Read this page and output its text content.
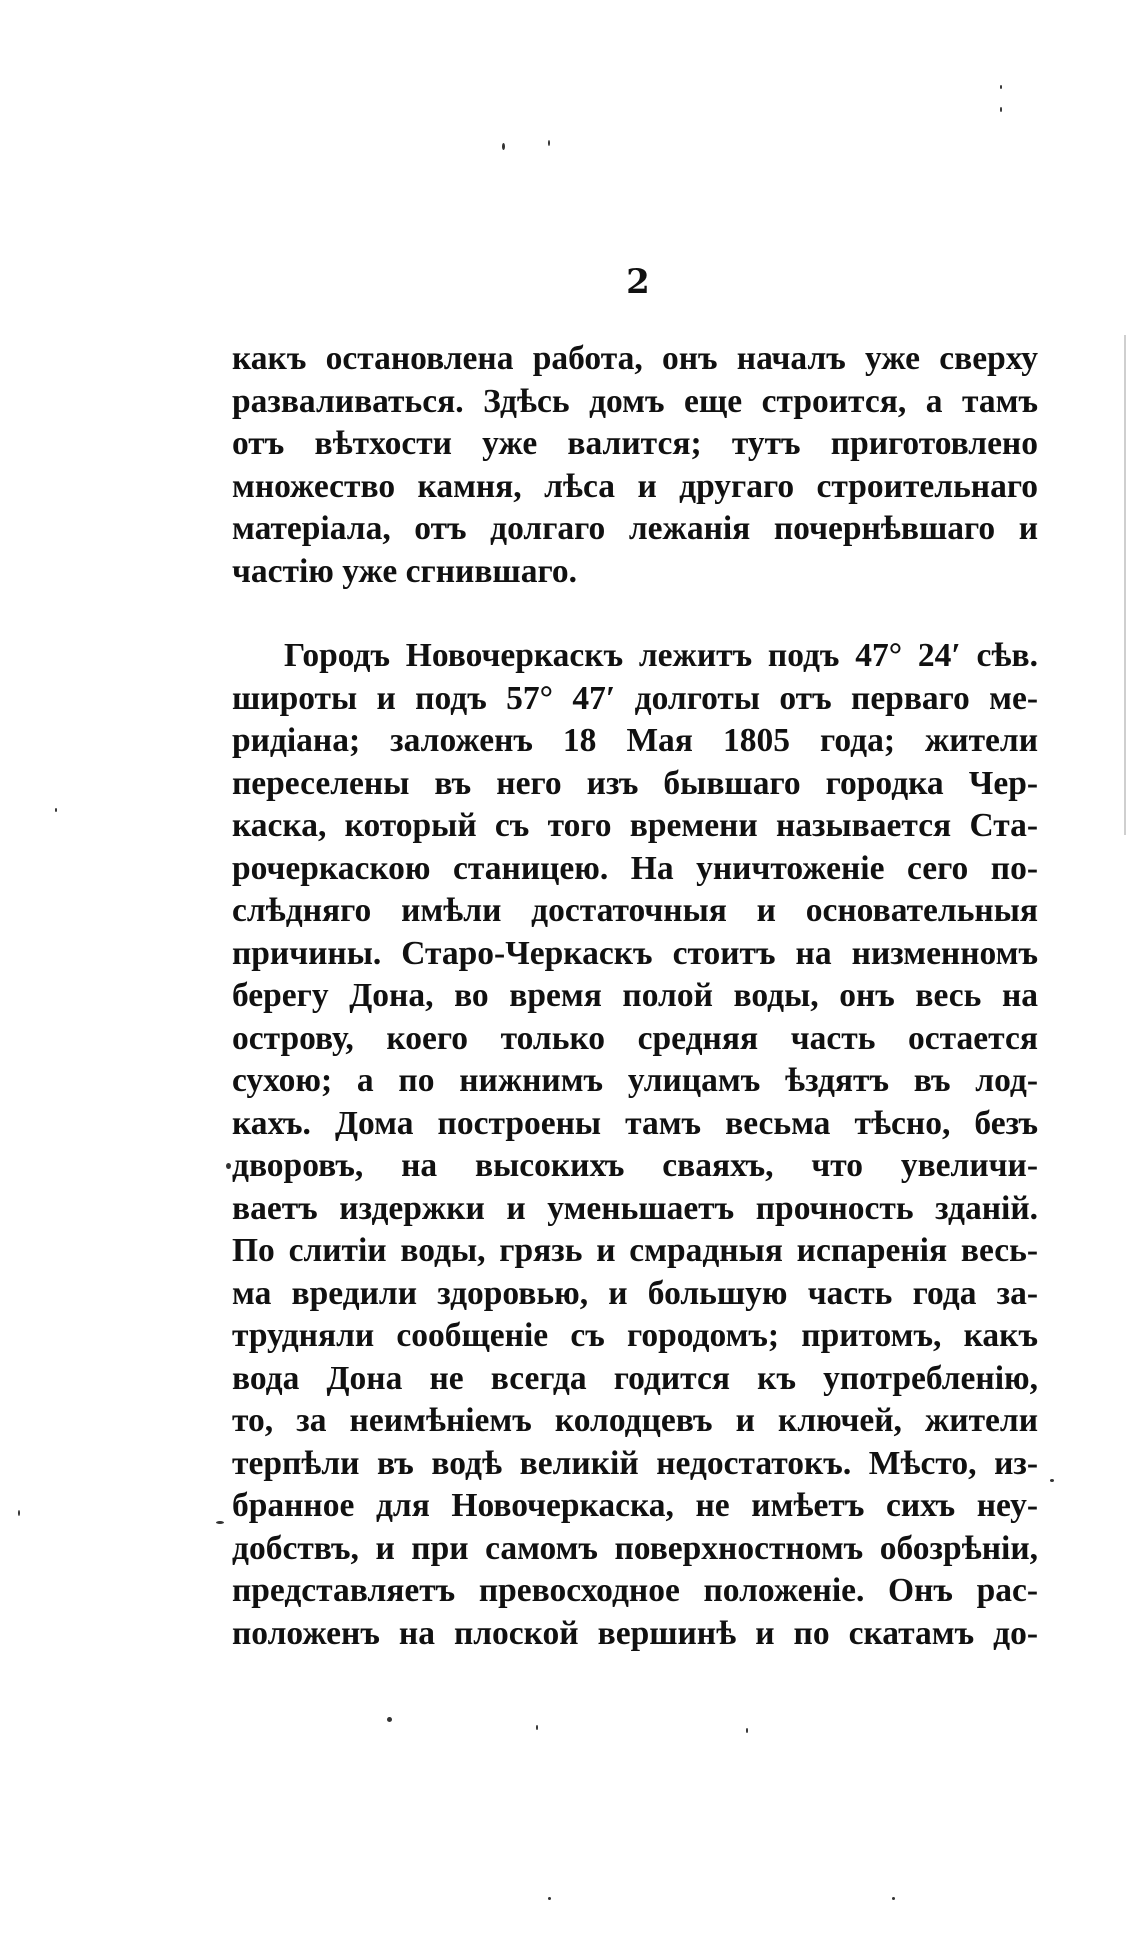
2
какъ остановлена работа, онъ началъ уже сверху
разваливаться. Здѣсь домъ еще строится, а тамъ
отъ вѣтхости уже валится; тутъ приготовлено
множество камня, лѣса и другаго строительнаго
матеріала, отъ долгаго лежанія почернѣвшаго и
частію уже сгнившаго.
Городъ Новочеркаскъ лежитъ подъ 47° 24′ сѣв.
широты и подъ 57° 47′ долготы отъ перваго ме-
ридіана; заложенъ 18 Мая 1805 года; жители
переселены въ него изъ бывшаго городка Чер-
каска, который съ того времени называется Ста-
рочеркаскою станицею. На уничтоженіе сего по-
слѣдняго имѣли достаточныя и основательныя
причины. Старо-Черкаскъ стоитъ на низменномъ
берегу Дона, во время полой воды, онъ весь на
острову, коего только средняя часть остается
сухою; а по нижнимъ улицамъ ѣздятъ въ лод-
кахъ. Дома построены тамъ весьма тѣсно, безъ
дворовъ, на высокихъ сваяхъ, что увеличи-
ваетъ издержки и уменьшаетъ прочность зданій.
По слитіи воды, грязь и смрадныя испаренія весь-
ма вредили здоровью, и большую часть года за-
трудняли сообщеніе съ городомъ; притомъ, какъ
вода Дона не всегда годится къ употребленію,
то, за неимѣніемъ колодцевъ и ключей, жители
терпѣли въ водѣ великій недостатокъ. Мѣсто, из-
бранное для Новочеркаска, не имѣетъ сихъ неу-
добствъ, и при самомъ поверхностномъ обозрѣніи,
представляетъ превосходное положеніе. Онъ рас-
положенъ на плоской вершинѣ и по скатамъ до-
